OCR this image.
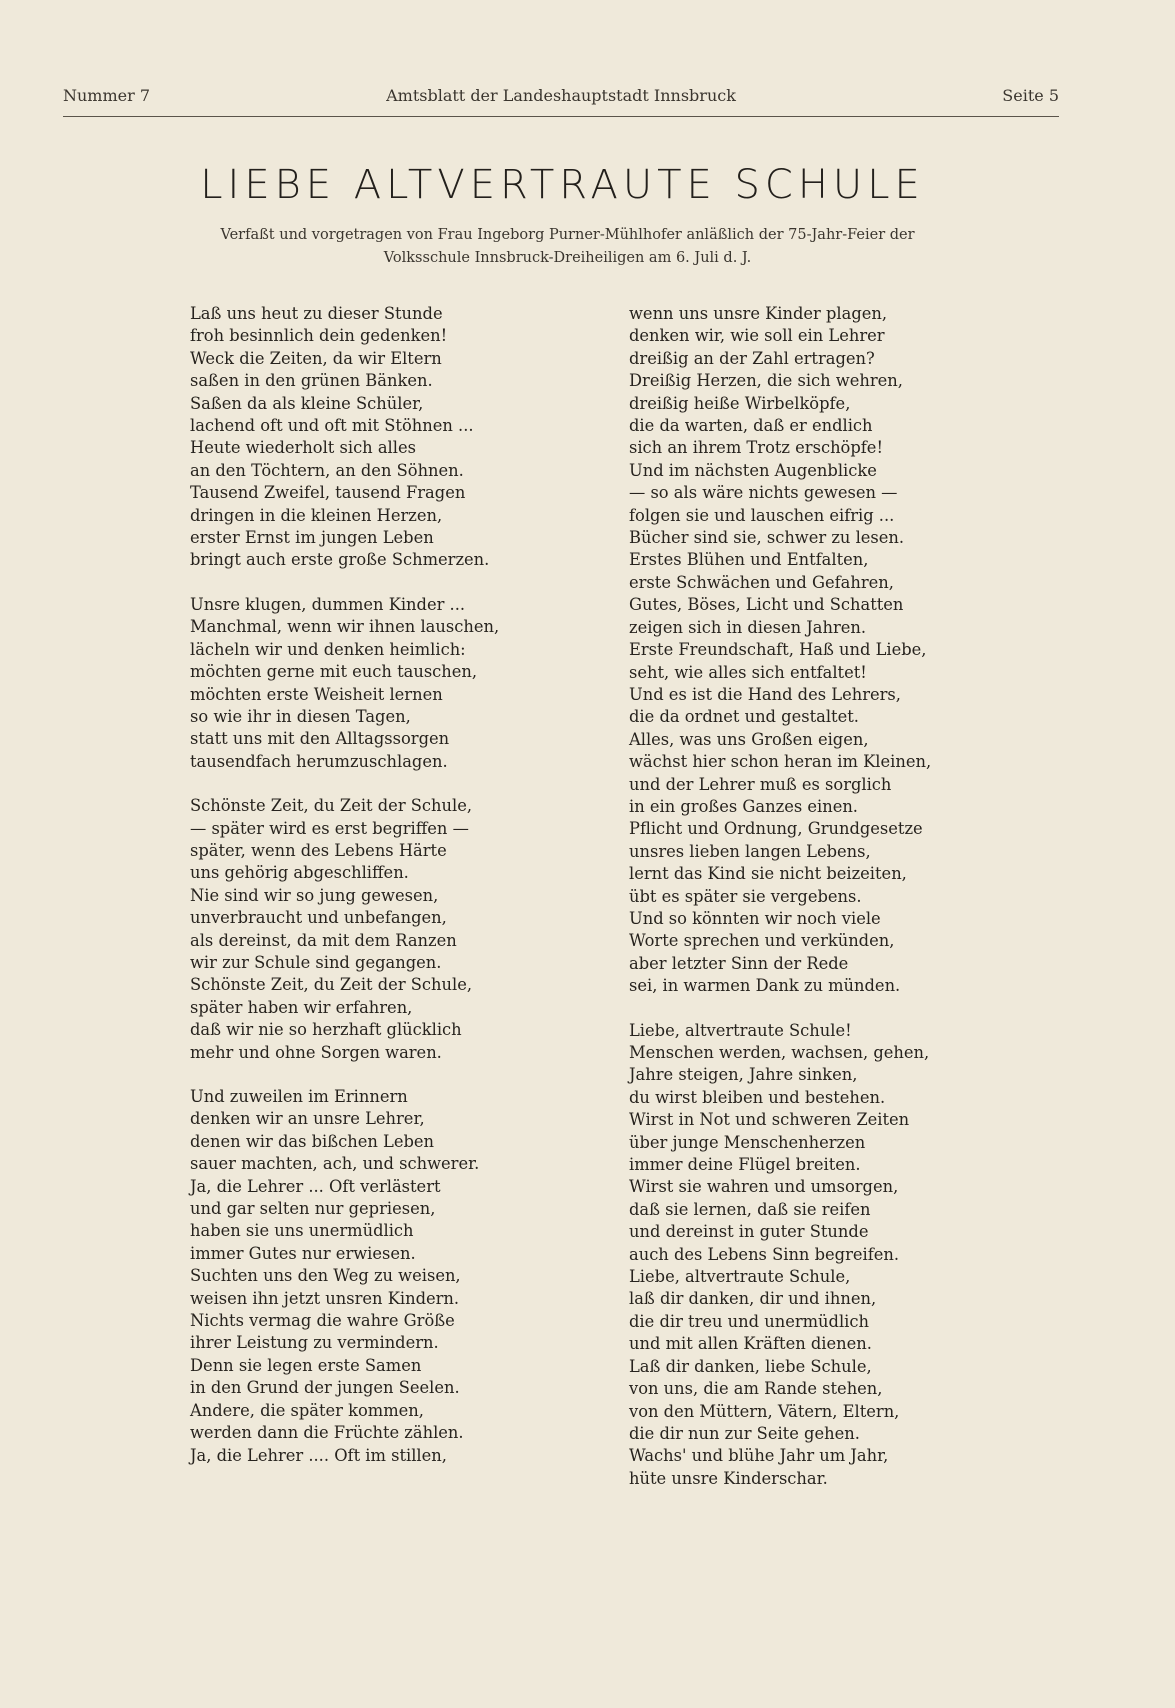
Nummer 7	Amtsblatt der Landeshauptstadt Innsbruck	Seite 5
LIEBE ALTVERTRAUTE SCHULE
Verfaßt und vorgetragen von Frau Ingeborg Purner-Mühlhofer anläßlich der 75-Jahr-Feier der
Volksschule Innsbruck-Dreiheiligen am 6. Juli d. J.
Laß uns heut zu dieser Stunde
froh besinnlich dein gedenken!
Weck die Zeiten, da wir Eltern
saßen in den grünen Bänken.
Saßen da als kleine Schüler,
lachend oft und oft mit Stöhnen ...
Heute wiederholt sich alles
an den Töchtern, an den Söhnen.
Tausend Zweifel, tausend Fragen
dringen in die kleinen Herzen,
erster Ernst im jungen Leben
bringt auch erste große Schmerzen.
Unsre klugen, dummen Kinder ...
Manchmal, wenn wir ihnen lauschen,
lächeln wir und denken heimlich:
möchten gerne mit euch tauschen,
möchten erste Weisheit lernen
so wie ihr in diesen Tagen,
statt uns mit den Alltagssorgen
tausendfach herumzuschlagen.
Schönste Zeit, du Zeit der Schule,
— später wird es erst begriffen —
später, wenn des Lebens Härte
uns gehörig abgeschliffen.
Nie sind wir so jung gewesen,
unverbraucht und unbefangen,
als dereinst, da mit dem Ranzen
wir zur Schule sind gegangen.
Schönste Zeit, du Zeit der Schule,
später haben wir erfahren,
daß wir nie so herzhaft glücklich
mehr und ohne Sorgen waren.
Und zuweilen im Erinnern
denken wir an unsre Lehrer,
denen wir das bißchen Leben
sauer machten, ach, und schwerer.
Ja, die Lehrer ... Oft verlästert
und gar selten nur gepriesen,
haben sie uns unermüdlich
immer Gutes nur erwiesen.
Suchten uns den Weg zu weisen,
weisen ihn jetzt unsren Kindern.
Nichts vermag die wahre Größe
ihrer Leistung zu vermindern.
Denn sie legen erste Samen
in den Grund der jungen Seelen.
Andere, die später kommen,
werden dann die Früchte zählen.
Ja, die Lehrer .... Oft im stillen,
wenn uns unsre Kinder plagen,
denken wir, wie soll ein Lehrer
dreißig an der Zahl ertragen?
Dreißig Herzen, die sich wehren,
dreißig heiße Wirbelköpfe,
die da warten, daß er endlich
sich an ihrem Trotz erschöpfe!
Und im nächsten Augenblicke
— so als wäre nichts gewesen —
folgen sie und lauschen eifrig ...
Bücher sind sie, schwer zu lesen.
Erstes Blühen und Entfalten,
erste Schwächen und Gefahren,
Gutes, Böses, Licht und Schatten
zeigen sich in diesen Jahren.
Erste Freundschaft, Haß und Liebe,
seht, wie alles sich entfaltet!
Und es ist die Hand des Lehrers,
die da ordnet und gestaltet.
Alles, was uns Großen eigen,
wächst hier schon heran im Kleinen,
und der Lehrer muß es sorglich
in ein großes Ganzes einen.
Pflicht und Ordnung, Grundgesetze
unsres lieben langen Lebens,
lernt das Kind sie nicht beizeiten,
übt es später sie vergebens.
Und so könnten wir noch viele
Worte sprechen und verkünden,
aber letzter Sinn der Rede
sei, in warmen Dank zu münden.
Liebe, altvertraute Schule!
Menschen werden, wachsen, gehen,
Jahre steigen, Jahre sinken,
du wirst bleiben und bestehen.
Wirst in Not und schweren Zeiten
über junge Menschenherzen
immer deine Flügel breiten.
Wirst sie wahren und umsorgen,
daß sie lernen, daß sie reifen
und dereinst in guter Stunde
auch des Lebens Sinn begreifen.
Liebe, altvertraute Schule,
laß dir danken, dir und ihnen,
die dir treu und unermüdlich
und mit allen Kräften dienen.
Laß dir danken, liebe Schule,
von uns, die am Rande stehen,
von den Müttern, Vätern, Eltern,
die dir nun zur Seite gehen.
Wachs' und blühe Jahr um Jahr,
hüte unsre Kinderschar.
